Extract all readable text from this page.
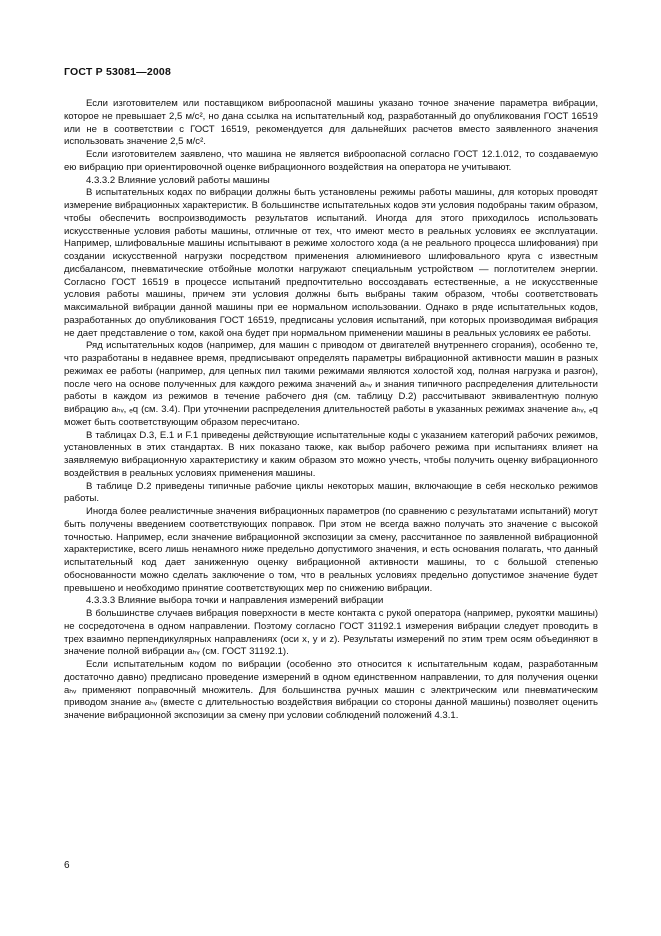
ГОСТ Р 53081—2008

Если изготовителем или поставщиком виброопасной машины указано точное значение параметра вибрации, которое не превышает 2,5 м/с², но дана ссылка на испытательный код, разработанный до опубликования ГОСТ 16519 или не в соответствии с ГОСТ 16519, рекомендуется для дальнейших расчетов вместо заявленного значения использовать значение 2,5 м/с².

Если изготовителем заявлено, что машина не является виброопасной согласно ГОСТ 12.1.012, то создаваемую ею вибрацию при ориентировочной оценке вибрационного воздействия на оператора не учитывают.

4.3.3.2 Влияние условий работы машины

В испытательных кодах по вибрации должны быть установлены режимы работы машины, для которых проводят измерение вибрационных характеристик. В большинстве испытательных кодов эти условия подобраны таким образом, чтобы обеспечить воспроизводимость результатов испытаний. Иногда для этого приходилось использовать искусственные условия работы машины, отличные от тех, что имеют место в реальных условиях ее эксплуатации. Например, шлифовальные машины испытывают в режиме холостого хода (а не реального процесса шлифования) при создании искусственной нагрузки посредством применения алюминиевого шлифовального круга с известным дисбалансом, пневматические отбойные молотки нагружают специальным устройством — поглотителем энергии. Согласно ГОСТ 16519 в процессе испытаний предпочтительно воссоздавать естественные, а не искусственные условия работы машины, причем эти условия должны быть выбраны таким образом, чтобы соответствовать максимальной вибрации данной машины при ее нормальном использовании. Однако в ряде испытательных кодов, разработанных до опубликования ГОСТ 16519, предписаны условия испытаний, при которых производимая вибрация не дает представление о том, какой она будет при нормальном применении машины в реальных условиях ее работы.

Ряд испытательных кодов (например, для машин с приводом от двигателей внутреннего сгорания), особенно те, что разработаны в недавнее время, предписывают определять параметры вибрационной активности машин в разных режимах ее работы (например, для цепных пил такими режимами являются холостой ход, полная нагрузка и разгон), после чего на основе полученных для каждого режима значений aₕᵥ и знания типичного распределения длительности работы в каждом из режимов в течение рабочего дня (см. таблицу D.2) рассчитывают эквивалентную полную вибрацию aₕᵥ, ₑq (см. 3.4). При уточнении распределения длительностей работы в указанных режимах значение aₕᵥ, ₑq может быть соответствующим образом пересчитано.

В таблицах D.3, E.1 и F.1 приведены действующие испытательные коды с указанием категорий рабочих режимов, установленных в этих стандартах. В них показано также, как выбор рабочего режима при испытаниях влияет на заявляемую вибрационную характеристику и каким образом это можно учесть, чтобы получить оценку вибрационного воздействия в реальных условиях применения машины.

В таблице D.2 приведены типичные рабочие циклы некоторых машин, включающие в себя несколько режимов работы.

Иногда более реалистичные значения вибрационных параметров (по сравнению с результатами испытаний) могут быть получены введением соответствующих поправок. При этом не всегда важно получать это значение с высокой точностью. Например, если значение вибрационной экспозиции за смену, рассчитанное по заявленной вибрационной характеристике, всего лишь ненамного ниже предельно допустимого значения, и есть основания полагать, что данный испытательный код дает заниженную оценку вибрационной активности машины, то с большой степенью обоснованности можно сделать заключение о том, что в реальных условиях предельно допустимое значение будет превышено и необходимо принятие соответствующих мер по снижению вибрации.

4.3.3.3 Влияние выбора точки и направления измерений вибрации

В большинстве случаев вибрация поверхности в месте контакта с рукой оператора (например, рукоятки машины) не сосредоточена в одном направлении. Поэтому согласно ГОСТ 31192.1 измерения вибрации следует проводить в трех взаимно перпендикулярных направлениях (оси x, y и z). Результаты измерений по этим трем осям объединяют в значение полной вибрации aₕᵥ (см. ГОСТ 31192.1).

Если испытательным кодом по вибрации (особенно это относится к испытательным кодам, разработанным достаточно давно) предписано проведение измерений в одном единственном направлении, то для получения оценки aₕᵥ применяют поправочный множитель. Для большинства ручных машин с электрическим или пневматическим приводом знание aₕᵥ (вместе с длительностью воздействия вибрации со стороны данной машины) позволяет оценить значение вибрационной экспозиции за смену при условии соблюдений положений 4.3.1.

6
